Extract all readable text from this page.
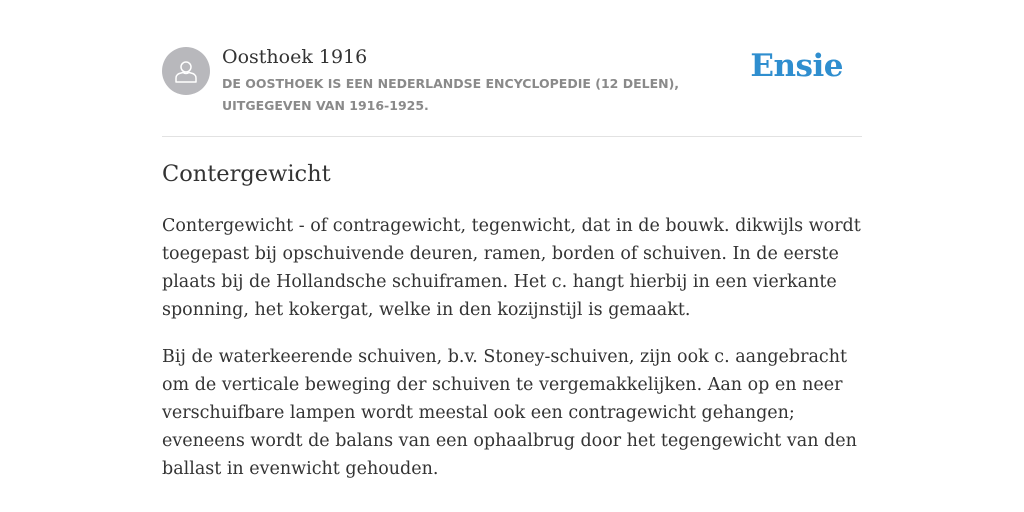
Oosthoek 1916
DE OOSTHOEK IS EEN NEDERLANDSE ENCYCLOPEDIE (12 DELEN), UITGEGEVEN VAN 1916-1925.
Ensie
Contergewicht

Contergewicht - of contragewicht, tegenwicht, dat in de bouwk. dikwijls wordt toegepast bij opschuivende deuren, ramen, borden of schuiven. In de eerste plaats bij de Hollandsche schuiframen. Het c. hangt hierbij in een vierkante sponning, het kokergat, welke in den kozijnstijl is gemaakt.

Bij de waterkeerende schuiven, b.v. Stoney-schuiven, zijn ook c. aangebracht om de verticale beweging der schuiven te vergemakkelijken. Aan op en neer verschuifbare lampen wordt meestal ook een contragewicht gehangen; eveneens wordt de balans van een ophaalbrug door het tegengewicht van den ballast in evenwicht gehouden.
